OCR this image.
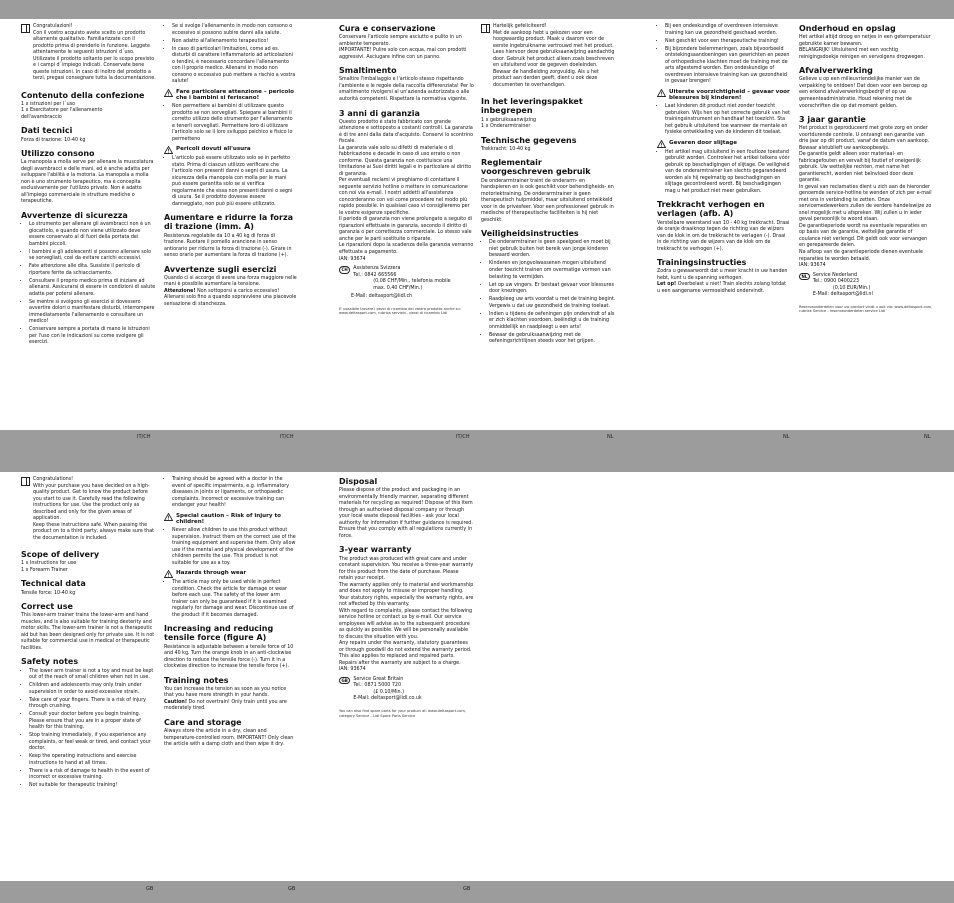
IT/CH	IT/CH	IT/CH	NL	NL	NL
GB	GB	GB

Congratulazioni!
Con il vostro acquisto avete scelto un prodotto altamente qualitativo. Familiarizzate con il prodotto prima di prenderlo in funzione. Leggete attentamente le seguenti istruzioni d´uso. Utilizzate il prodotto soltanto per lo scopo previsto e i campi d´impiego indicati. Conservate bene queste istruzioni. In caso di inoltro del prodotto a terzi, pregasi consegnare tutta la documentazione.

Contenuto della confezione

1 x istruzioni per l´uso
1 x Esercitatore per l'allenamento
dell'avambraccio

Dati tecnici

Forza di trazione: 10-40 kg

Utilizzo consono

La manopola a molla serve per allenare la muscolatura degli avambracci e delle mani, ed è anche adatta per sviluppare l'abilità e la motoria. La manopola a molla non è uno strumento terapeutico, ma è concepita esclusivamente per l'utilizzo privato. Non è adatto all'impiego commerciale in strutture mediche o terapeutiche.

Avvertenze di sicurezza
• Lo strumento per allenare gli avambracci non è un giocattolo, e quando non viene utilizzato deve essere conservato al di fuori della portata dei bambini piccoli.
• I bambini e gli adolescenti si possono allenare solo se sorvegliati, così da evitare carichi eccessivi.
• Fate attenzione alle dita. Sussiste il pericolo di riportare ferite da schiacciamento.
• Consultare il proprio medico prima di iniziare ad allenarsi. Assicurarsi di essere in condizioni di salute adatte per potersi allenare.
• Se mentre si svolgono gli esercizi si dovessero avvertire dolori o manifestare disturbi, interrompere immediatamente l'allenamento e consultare un medico!
• Conservare sempre a portata di mano le istruzioni per l'uso con le indicazioni su come svolgere gli esercizi.
• Se si svolge l'allenamento in modo non consono o eccessivo si possono subire danni alla salute.
• Non adatto all'allenamento terapeutico!
• In caso di particolari limitazioni, come ad es. disturbi di carattere infiammatorio ad articolazioni o tendini, è necessario concordare l'allenamento con il proprio medico. Allenarsi in modo non consono o eccessivo può mettere a rischio a vostra salute!
Fare particolare attenzione – pericolo che i bambini si feriscano!
• Non permettere ai bambini di utilizzare questo prodotto se non sorvegliati. Spiegare ai bambini il corretto utilizzo dello strumento per l'allenamento e tenerli sorvegliati. Permettere loro di utilizzare l'articolo solo se il loro sviluppo psichico e fisico lo permetteno
Pericoli dovuti all'usura
• L'articolo può essere utilizzato solo se in perfetto stato. Prima di ciascun utilizzo verificare che l'articolo non presenti danni o segni di usura. La sicurezza della manopola con molla per le mani può essere garantita solo se si verifica regolarmente che essa non presenti danni o segni di usura. Se il prodotto dovesse essere danneggiato, non può più essere utilizzato.
Aumentare e ridurre la forza di trazione (imm. A)

Resistenza regolabile da 10 a 40 kg di forza di trazione. Ruotare il pomello arancione in senso antiorario per ridurre la forza di trazione (-). Girare in senso orario per aumentare la forza di trazione (+).

Avvertenze sugli esercizi

Quando ci si accorge di avere una forza maggiore nelle mani è possibile aumentare la tensione.
Attenzione! Non sottoporsi a carico eccessivo! Allenarsi solo fino a quando sopravviene una piacevole sensazione di stanchezza.

Cura e conservazione

Conservare l'articolo sempre asciutto e pulito in un ambiente temperato.
IMPORTANTE! Pulire solo con acqua, mai con prodotti aggressivi. Asciugare infine con un panno.

Smaltimento

Smaltire l'imballaggio e l'articolo stesso rispettando l'ambiente e le regole della raccolta differenziata! Per lo smaltimento rivolgersi al un'azienda autorizzata o alle autorità competenti. Rispettare la normativa vigente.

3 anni di garanzia

Questo prodotto è stato fabbricato con grande attenzione e sottoposto a costanti controlli. La garanzia è di tre anni dalla data d'acquisto. Conservi lo scontrino fiscale.
La garanzia vale solo su difetti di materiale o di fabbricazione e decade in caso di uso errato o non conforme. Questa garanzia non costituisce una limitazione ai Suoi diritti legali e in particolare al diritto di garanzia.
Per eventuali reclami vi preghiamo di contattare il seguente servizio hotline o metterv in comunicazione con noi via e-mail. I nostri addetti all'assistenza concorderanno con voi come procedere nel modo più rapido possibile. In qualsiasi caso vi consiglieremo per le vostre esigenze specifiche.
Il periodo di garanzia non viene prolungato a seguito di riparazioni effettuate in garanzia, secondo il diritto di garanzia o per correttezza commerciale. Lo stesso vale anche per le parti sostituite o riparate.
Le riparazioni dopo la scadenza della garanzia verranno effettuate a pagamento.
IAN: 93674

CH	Assistenza Svizzera

Tel.: 0842 665566

(0,08 CHF/Min., telefonia mobile

max. 0,40 CHF/Min.)

E-Mail: deltasport@lidl.ch

E' possibile trovare i pezzi di ricambio del vostro prodotto anche su: www.deltasport.com, rubrica servizio - pezzi di ricambio Lidl

Hartelijk gefeliciteerd!
Met de aankoop hebt u gekozen voor een hoogwaardig product. Maak u daarom voor de eerste ingebruikname vertrouwd met het product. Lees hiervoor deze gebruiksaanwijzing aandachtig door. Gebruik het product alleen zoals beschreven en uitsluitend voor de gegeven doeleinden. Bewaar de handleiding zorgvuldig. Als u het product aan derden geeft, dient u ook deze documenten te overhandigen.

In het leveringspakket inbegrepen

1 x gebruiksaanwijzing
1 x Onderarmtrainer

Technische gegevens

Trekkracht: 10-40 kg

Reglementair voorgeschreven gebruik

De onderarmtrainer traint de onderarm- en handspieren en is ook geschikt voor behendigheids- en motoriektraining. De onderarmtrainer is geen therapeutisch hulpmiddel, maar uitsluitend ontwikkeld voor in de privésfeer. Voor een professioneel gebruik in medische of therapeutische faciliteiten is hij niet geschikt.

Veiligheidsinstructies
• De onderarmtrainer is geen speelgoed en moet bij niet gebruik buiten het bereik van jonge kinderen bewaard worden.
• Kinderen en jongvolwassenen mogen uitsluitend onder toezicht trainen om overmatige vormen van belasting te vermijden.
• Let op uw vingers. Er bestaat gevaar voor blessures door knezingen.
• Raadpleeg uw arts voordat u met de training begint. Vergewis u dat uw gezondheid de training toelaat.
• Indien u tijdens de oefeningen pijn ondervindt of als er zich klachten voordoen, beëindigt u de training onmiddellijk en raadpleegt u een arts!
• Bewaar de gebruiksaanwijzing met de oefeningsrichtlijnen steeds voor het grijpen.
• Bij een ondeskundige of overdreven intensieve training kan uw gezondheid geschaad worden.
• Niet geschikt voor een therapeutische training!
• Bij bijzondere belemmeringen, zoals bijvoorbeeld ontstekingsaandoeningen van gewrichten en pezen of orthopedische klachten moet de training met de arts afgestemd worden. Een ondeskundige of overdreven intensieve training kan uw gezondheid in gevaar brengen!
Uiterste voorzichtigheid – gevaar voor blessures bij kinderen!
• Laat kinderen dit product niet zonder toezicht gebruiken. Wijs hen op het correcte gebruik van het trainingsinstrument en handhaaf het toezicht. Sta het gebruik uitsluitend toe wanneer de mentale en fysieke ontwikkeling van de kinderen dit toelaat.
Gevaren door slijtage
• Het artikel mag uitsluitend in een foutloze toestand gebruikt worden. Controleer het artikel telkens vóór gebruik op beschadigingen of slijtage. De veiligheid van de onderarmtrainer kan slechts gegarandeerd worden als hij regelmatig op beschadigingen en slijtage gecontroleerd wordt. Bij beschadigingen mag u het product niet meer gebruiken.
Trekkracht verhogen en verlagen (afb. A)

Verstelbare weerstand van 10 - 40 kg trekkracht. Draai de oranje draaiknop tegen de richting van de wijzers van de klok in om de trekkracht te verlagen (-). Draai in de richting van de wijzers van de klok om de trekkracht te verhogen (+).

Trainingsinstructies

Zodra u gewaarwordt dat u meer kracht in uw handen hebt, kunt u de spanning verhogen.
Let op! Overbelast u niet! Train slechts zolang totdat u een aangename vermoeidheid ondervindt.

Onderhoud en opslag

Het artikel altijd droog en netjes in een getemperatuur gebruikte kamer bewaren.
BELANGRIJK! Uitsluitend met een vochtig reinigingsdoekje reinigen en vervolgens drogwegen.

Afvalverwerking

Gelieve u op een milieuvriendelijke manier van de verpakking te ontdoen! Dat doen voor een beroep op een erkend afvalverwerkingsbedrijf of op uw gemeenteadministratie. Houd rekening met de voorschriften die op dat moment gelden.

3 jaar garantie

Het product is geproduceerd met grote zorg en onder voortdurende controle. U ontvangt een garantie van drie jaar op dit product, vanaf de datum van aankoop. Bewaar alstublieft uw aankoopbewijs.
De garantie geldt alleen voor materiaal- en fabricagefouten en vervalt bij foutief of oneigenlijk gebruik. Uw wettelijke rechten, met name het garantierecht, worden niet beïnvloed door deze garantie.
In geval van reclamaties dient u zich aan de hieronder genoemde service-hotline te wenden of zich per e-mail met ons in verbinding te zetten. Onze servicemedewerkers zullen de verdere handelswijze zo snel mogelijk met u afspreken. Wij zullen u in ieder geval persoonlijk te woord staan.
De garantieperiode wordt na eventuele reparaties en op basis van de garantie, wettelijke garantie of coulance niet verlengd. Dit geldt ook voor vervangen en gerepareerde delen.
Na afloop van de garantieperiode dienen eventuele reparaties te worden betaald.
IAN: 93674

NL	Service Nederland

Tel.: 0900 0400223

(0,10 EUR/Min.)

E-Mail: deltasport@lidl.nl

Reserveonderdelen voor uw product vindt u ook via: www.deltasport.com, rubriek Service - reserveonderdelen service Lidl

Congratulations!
With your purchase you have decided on a high-quality product. Get to know the product before you start to use it. Carefully read the following instructions for use. Use the product only as described and only for the given areas of application.
Keep these instructions safe. When passing the product on to a third party, always make sure that the documentation is included.

Scope of delivery

1 x Instructions for use
1 x Forearm Trainer

Technical data

Tensile force: 10-40 kg

Correct use

This lower-arm trainer trains the lower-arm and hand muscles, and is also suitable for training dexterity and motor skills. The lower-arm trainer is not a therapeutic aid but has been designed only for private use. It is not suitable for commercial use in medical or therapeutic facilities.

Safety notes
• The lower arm trainer is not a toy and must be kept out of the reach of small children when not in use.
• Children and adolescents may only train under supervision in order to avoid excessive strain.
• Take care of your fingers. There is a risk of injury through crushing.
• Consult your doctor before you begin training. Please ensure that you are in a proper state of health for this training.
• Stop training immediately, if you experience any complaints, or feel weak or tired, and contact your doctor.
• Keep the operating instructions and exercise instructions to hand at all times.
• There is a risk of damage to health in the event of incorrect or excessive training.
• Not suitable for therapeutic training!
• Training should be agreed with a doctor in the event of specific impairments, e.g. inflammatory diseases in joints or ligaments, or orthopaedic complaints. Incorrect or excessive training can endanger your health!
Special caution – Risk of injury to children!
• Never allow children to use this product without supervision. Instruct them on the correct use of the training equipment and supervise them. Only allow use if the mental and physical development of the children permits the use. This product is not suitable for use as a toy.
Hazards through wear
• The article may only be used while in perfect condition. Check the article for damage or wear before each use. The safety of the lower arm trainer can only be guaranteed if it is examined regularly for damage and wear. Discontinue use of the product if it becomes damaged.
Increasing and reducing tensile force (figure A)

Resistance is adjustable between a tensile force of 10 and 40 kg. Turn the orange knob in an anti-clockwise direction to reduce the tensile force (-). Turn it in a clockwise direction to increase the tensile force (+).

Training notes

You can increase the tension as soon as you notice that you have more strength in your hands.
Caution! Do not overtrain! Only train until you are moderately tired.

Care and storage

Always store the article in a dry, clean and temperature-controlled room. IMPORTANT! Only clean the article with a damp cloth and then wipe it dry.

Disposal

Please dispose of the product and packaging in an environmentally friendly manner, separating different materials for recycling as required! Dispose of this item through an authorised disposal company or through your local waste disposal facilities - ask your local authority for information if further guidance is required. Ensure that you comply with all regulations currently in force.

3-year warranty

The product was produced with great care and under constant supervision. You receive a three-year warranty for this product from the date of purchase. Please retain your receipt.
The warranty applies only to material and workmanship and does not apply to misuse or improper handling. Your statutory rights, especially the warranty rights, are not affected by this warranty.
With regard to complaints, please contact the following service hotline or contact us by e-mail. Our service employees will advise as to the subsequent procedure as quickly as possible. We will be personally available to discuss the situation with you.
Any repairs under the warranty, statutory guarantees or through goodwill do not extend the warranty period. This also applies to replaced and repaired parts.
Repairs after the warranty are subject to a charge.
IAN: 93674

GB	Service Great Britain

Tel.: 0871 5000 720

(£ 0.10/Min.)

E-Mail: deltasport@lidl.co.uk

You can also find spare parts for your product at: www.deltasport.com, category Service - Lidl Spare Parts Service
